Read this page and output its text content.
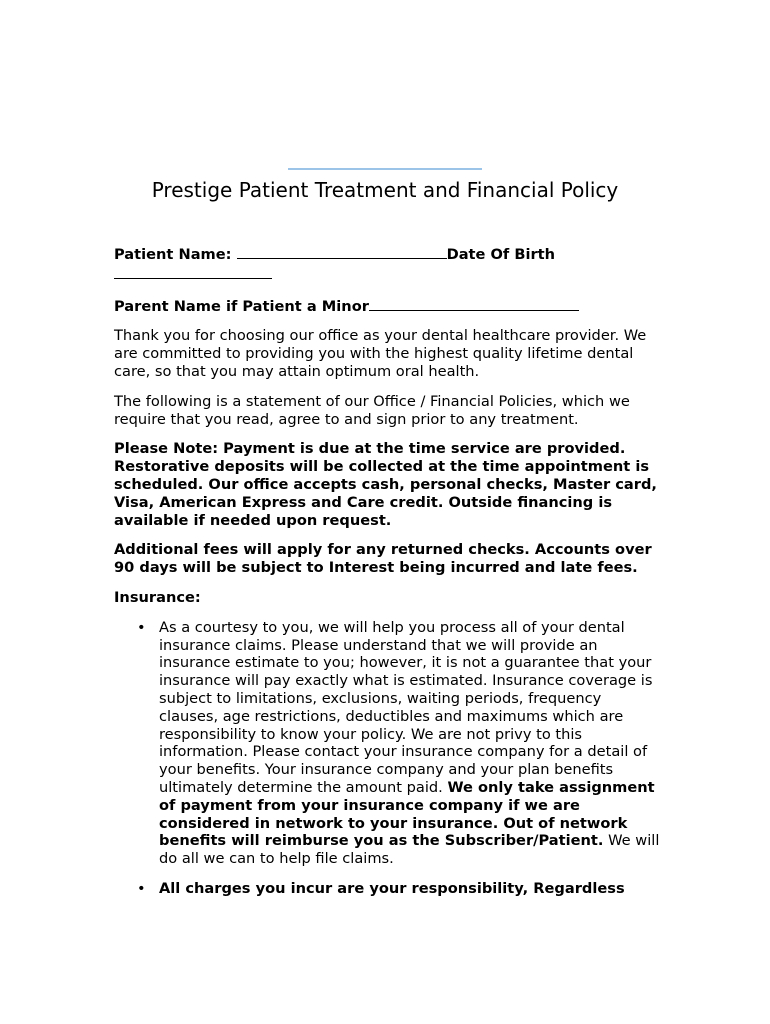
Prestige Patient Treatment and Financial Policy

Patient Name:	Date Of Birth

Parent Name if Patient a Minor

Thank you for choosing our office as your dental healthcare provider. We are committed to providing you with the highest quality lifetime dental care, so that you may attain optimum oral health.

The following is a statement of our Office / Financial Policies, which we require that you read, agree to and sign prior to any treatment.

Please Note: Payment is due at the time service are provided. Restorative deposits will be collected at the time appointment is scheduled. Our office accepts cash, personal checks, Master card, Visa, American Express and Care credit. Outside financing is available if needed upon request.

Additional fees will apply for any returned checks. Accounts over 90 days will be subject to Interest being incurred and late fees.

Insurance:

• As a courtesy to you, we will help you process all of your dental insurance claims. Please understand that we will provide an insurance estimate to you; however, it is not a guarantee that your insurance will pay exactly what is estimated. Insurance coverage is subject to limitations, exclusions, waiting periods, frequency clauses, age restrictions, deductibles and maximums which are responsibility to know your policy. We are not privy to this information. Please contact your insurance company for a detail of your benefits. Your insurance company and your plan benefits ultimately determine the amount paid. We only take assignment of payment from your insurance company if we are considered in network to your insurance. Out of network benefits will reimburse you as the Subscriber/Patient. We will do all we can to help file claims.
• All charges you incur are your responsibility, Regardless
